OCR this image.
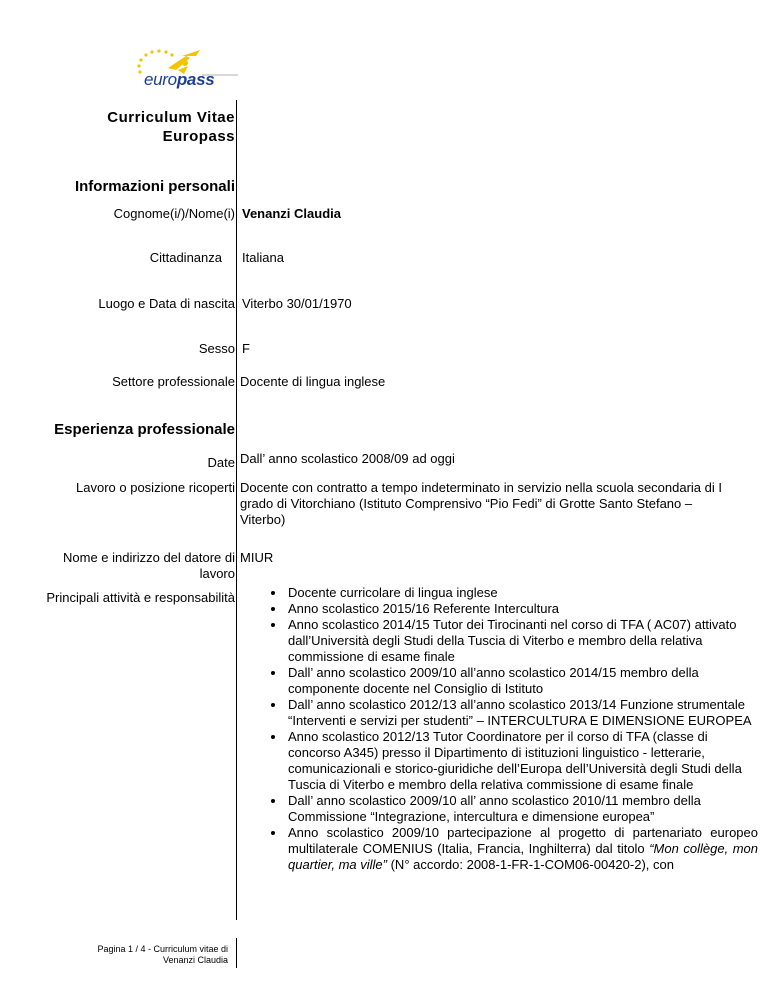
europass
Curriculum Vitae
Europass
Informazioni personali
Cognome(i/)/Nome(i) Venanzi Claudia
Cittadinanza Italiana
Luogo e Data di nascita Viterbo 30/01/1970
Sesso F
Settore professionale Docente di lingua inglese
Esperienza professionale
Date Dall’ anno scolastico 2008/09 ad oggi
Lavoro o posizione ricoperti Docente con contratto a tempo indeterminato in servizio nella scuola secondaria di I grado di Vitorchiano (Istituto Comprensivo “Pio Fedi” di Grotte Santo Stefano – Viterbo)
Nome e indirizzo del datore di
lavoro
MIUR
Principali attività e responsabilità
•	Docente curricolare di lingua inglese
• Anno scolastico 2015/16 Referente Intercultura
• Anno scolastico 2014/15 Tutor dei Tirocinanti nel corso di TFA ( AC07) attivato dall’Università degli Studi della Tuscia di Viterbo e membro della relativa commissione di esame finale
• Dall’ anno scolastico 2009/10 all’anno scolastico 2014/15 membro della componente docente nel Consiglio di Istituto
• Dall’ anno scolastico 2012/13 all’anno scolastico 2013/14 Funzione strumentale “Interventi e servizi per studenti” – INTERCULTURA E DIMENSIONE EUROPEA
• Anno scolastico 2012/13 Tutor Coordinatore per il corso di TFA (classe di concorso A345) presso il Dipartimento di istituzioni linguistico - letterarie, comunicazionali e storico-giuridiche dell’Europa dell’Università degli Studi della Tuscia di Viterbo e membro della relativa commissione di esame finale
• Dall’ anno scolastico 2009/10 all’ anno scolastico 2010/11 membro della Commissione “Integrazione, intercultura e dimensione europea”
• Anno scolastico 2009/10 partecipazione al progetto di partenariato europeo multilaterale COMENIUS (Italia, Francia, Inghilterra) dal titolo “Mon collège, mon quartier, ma ville” (N° accordo: 2008-1-FR-1-COM06-00420-2), con
Pagina 1 / 4 - Curriculum vitae di
Venanzi Claudia
